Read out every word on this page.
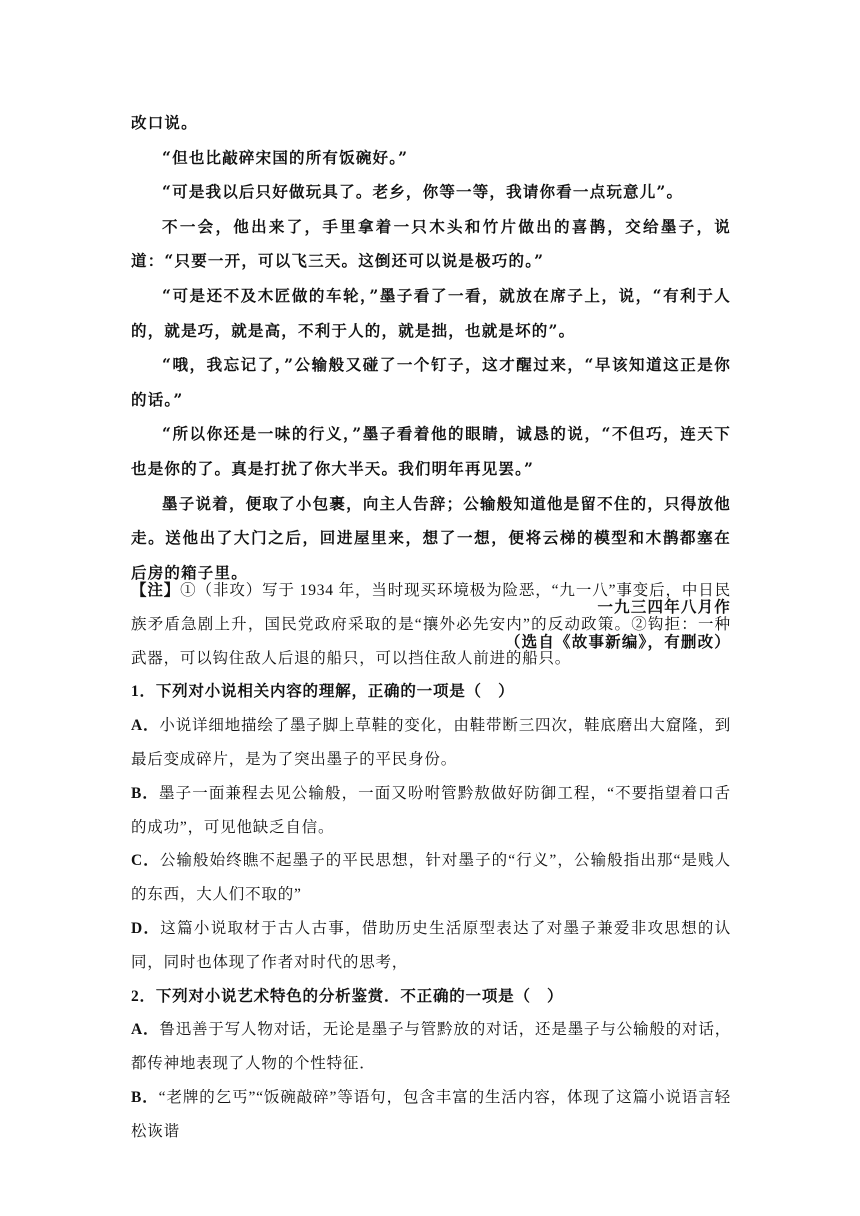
改口说。

“但也比敲碎宋国的所有饭碗好。”

“可是我以后只好做玩具了。老乡，你等一等，我请你看一点玩意儿”。

不一会，他出来了，手里拿着一只木头和竹片做出的喜鹊，交给墨子，说道：“只要一开，可以飞三天。这倒还可以说是极巧的。”

“可是还不及木匠做的车轮，”墨子看了一看，就放在席子上，说，“有利于人的，就是巧，就是高，不利于人的，就是拙，也就是坏的”。

“哦，我忘记了，”公输般又碰了一个钉子，这才醒过来，“早该知道这正是你的话。”

“所以你还是一味的行义，”墨子看着他的眼睛，诚恳的说，“不但巧，连天下也是你的了。真是打扰了你大半天。我们明年再见罢。”

墨子说着，便取了小包裹，向主人告辞；公输般知道他是留不住的，只得放他走。送他出了大门之后，回进屋里来，想了一想，便将云梯的模型和木鹊都塞在后房的箱子里。

一九三四年八月作

（选自《故事新编》，有删改）

【注】①（非攻）写于 1934 年，当时现买环境极为险恶，“九一八”事变后，中日民族矛盾急剧上升，国民党政府采取的是“攘外必先安内”的反动政策。②钩拒：一种武器，可以钩住敌人后退的船只，可以挡住敌人前进的船只。

1．下列对小说相关内容的理解，正确的一项是（　）

A．小说详细地描绘了墨子脚上草鞋的变化，由鞋带断三四次，鞋底磨出大窟隆，到最后变成碎片，是为了突出墨子的平民身份。

B．墨子一面兼程去见公输般，一面又吩咐管黔敖做好防御工程，“不要指望着口舌的成功”，可见他缺乏自信。

C．公输般始终瞧不起墨子的平民思想，针对墨子的“行义”，公输般指出那“是贱人的东西，大人们不取的”

D．这篇小说取材于古人古事，借助历史生活原型表达了对墨子兼爱非攻思想的认同，同时也体现了作者对时代的思考，

2．下列对小说艺术特色的分析鉴赏．不正确的一项是（　）

A．鲁迅善于写人物对话，无论是墨子与管黔放的对话，还是墨子与公输般的对话，都传神地表现了人物的个性特征．

B．“老牌的乞丐”“饭碗敲碎”等语句，包含丰富的生活内容，体现了这篇小说语言轻松诙谐
